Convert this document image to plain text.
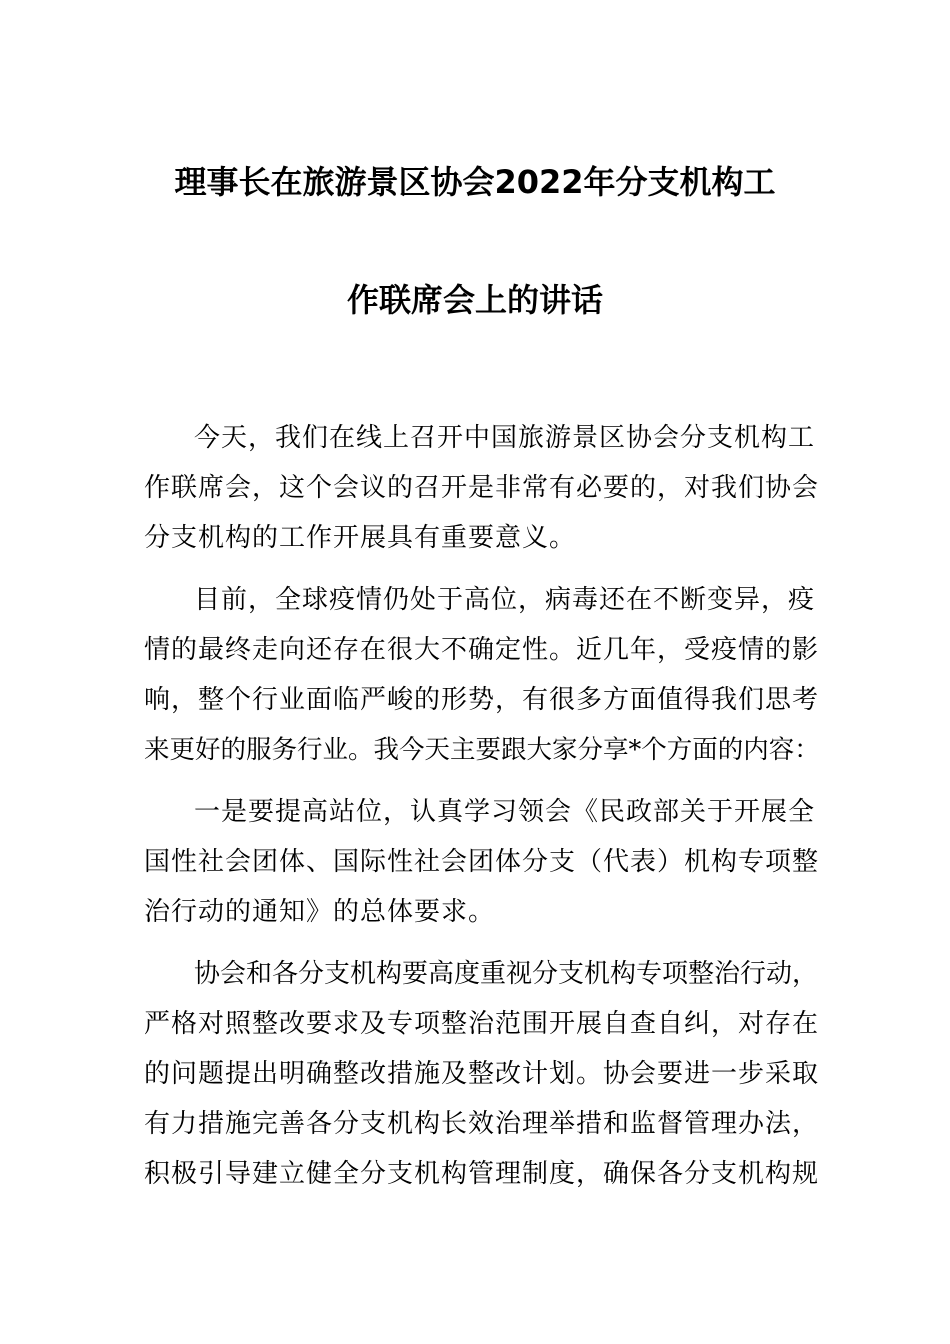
理事长在旅游景区协会2022年分支机构工
作联席会上的讲话
今天，我们在线上召开中国旅游景区协会分支机构工
作联席会，这个会议的召开是非常有必要的，对我们协会
分支机构的工作开展具有重要意义。
目前，全球疫情仍处于高位，病毒还在不断变异，疫
情的最终走向还存在很大不确定性。近几年，受疫情的影
响，整个行业面临严峻的形势，有很多方面值得我们思考
来更好的服务行业。我今天主要跟大家分享*个方面的内容：
一是要提高站位，认真学习领会《民政部关于开展全
国性社会团体、国际性社会团体分支（代表）机构专项整
治行动的通知》的总体要求。
协会和各分支机构要高度重视分支机构专项整治行动，
严格对照整改要求及专项整治范围开展自查自纠，对存在
的问题提出明确整改措施及整改计划。协会要进一步采取
有力措施完善各分支机构长效治理举措和监督管理办法，
积极引导建立健全分支机构管理制度，确保各分支机构规
